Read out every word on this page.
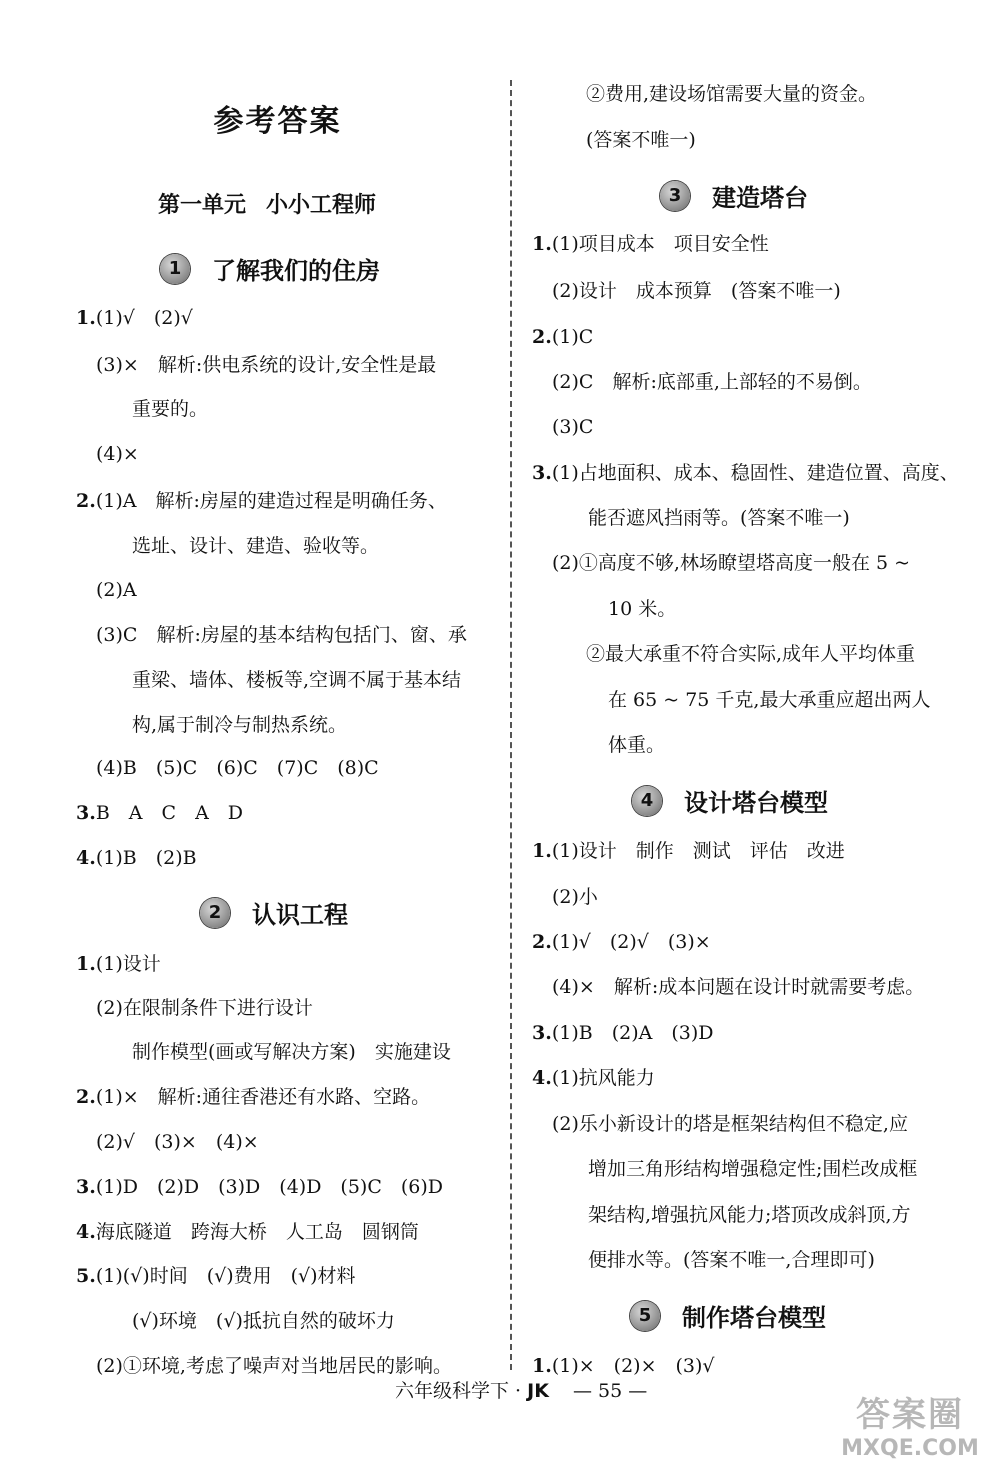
参考答案
第一单元 小小工程师
1	了解我们的住房
1.(1)√　(2)√
(3)×　解析:供电系统的设计,安全性是最
重要的。
(4)×
2.(1)A　解析:房屋的建造过程是明确任务、
选址、设计、建造、验收等。
(2)A
(3)C　解析:房屋的基本结构包括门、窗、承
重梁、墙体、楼板等,空调不属于基本结
构,属于制冷与制热系统。
(4)B　(5)C　(6)C　(7)C　(8)C
3.B　A　C　A　D
4.(1)B　(2)B
2	认识工程
1.(1)设计
(2)在限制条件下进行设计
制作模型(画或写解决方案)　实施建设
2.(1)×　解析:通往香港还有水路、空路。
(2)√　(3)×　(4)×
3.(1)D　(2)D　(3)D　(4)D　(5)C　(6)D
4.海底隧道　跨海大桥　人工岛　圆钢筒
5.(1)(√)时间　(√)费用　(√)材料
(√)环境　(√)抵抗自然的破坏力
(2)①环境,考虑了噪声对当地居民的影响。
②费用,建设场馆需要大量的资金。
(答案不唯一)
3	建造塔台
1.(1)项目成本　项目安全性
(2)设计　成本预算　(答案不唯一)
2.(1)C
(2)C　解析:底部重,上部轻的不易倒。
(3)C
3.(1)占地面积、成本、稳固性、建造位置、高度、
能否遮风挡雨等。(答案不唯一)
(2)①高度不够,林场瞭望塔高度一般在 5 ~
10 米。
②最大承重不符合实际,成年人平均体重
在 65 ~ 75 千克,最大承重应超出两人
体重。
4	设计塔台模型
1.(1)设计　制作　测试　评估　改进
(2)小
2.(1)√　(2)√　(3)×
(4)×　解析:成本问题在设计时就需要考虑。
3.(1)B　(2)A　(3)D
4.(1)抗风能力
(2)乐小新设计的塔是框架结构但不稳定,应
增加三角形结构增强稳定性;围栏改成框
架结构,增强抗风能力;塔顶改成斜顶,方
便排水等。(答案不唯一,合理即可)
5	制作塔台模型
1.(1)×　(2)×　(3)√
六年级科学下 · JK — 55 —
答案圈
MXQE.COM
